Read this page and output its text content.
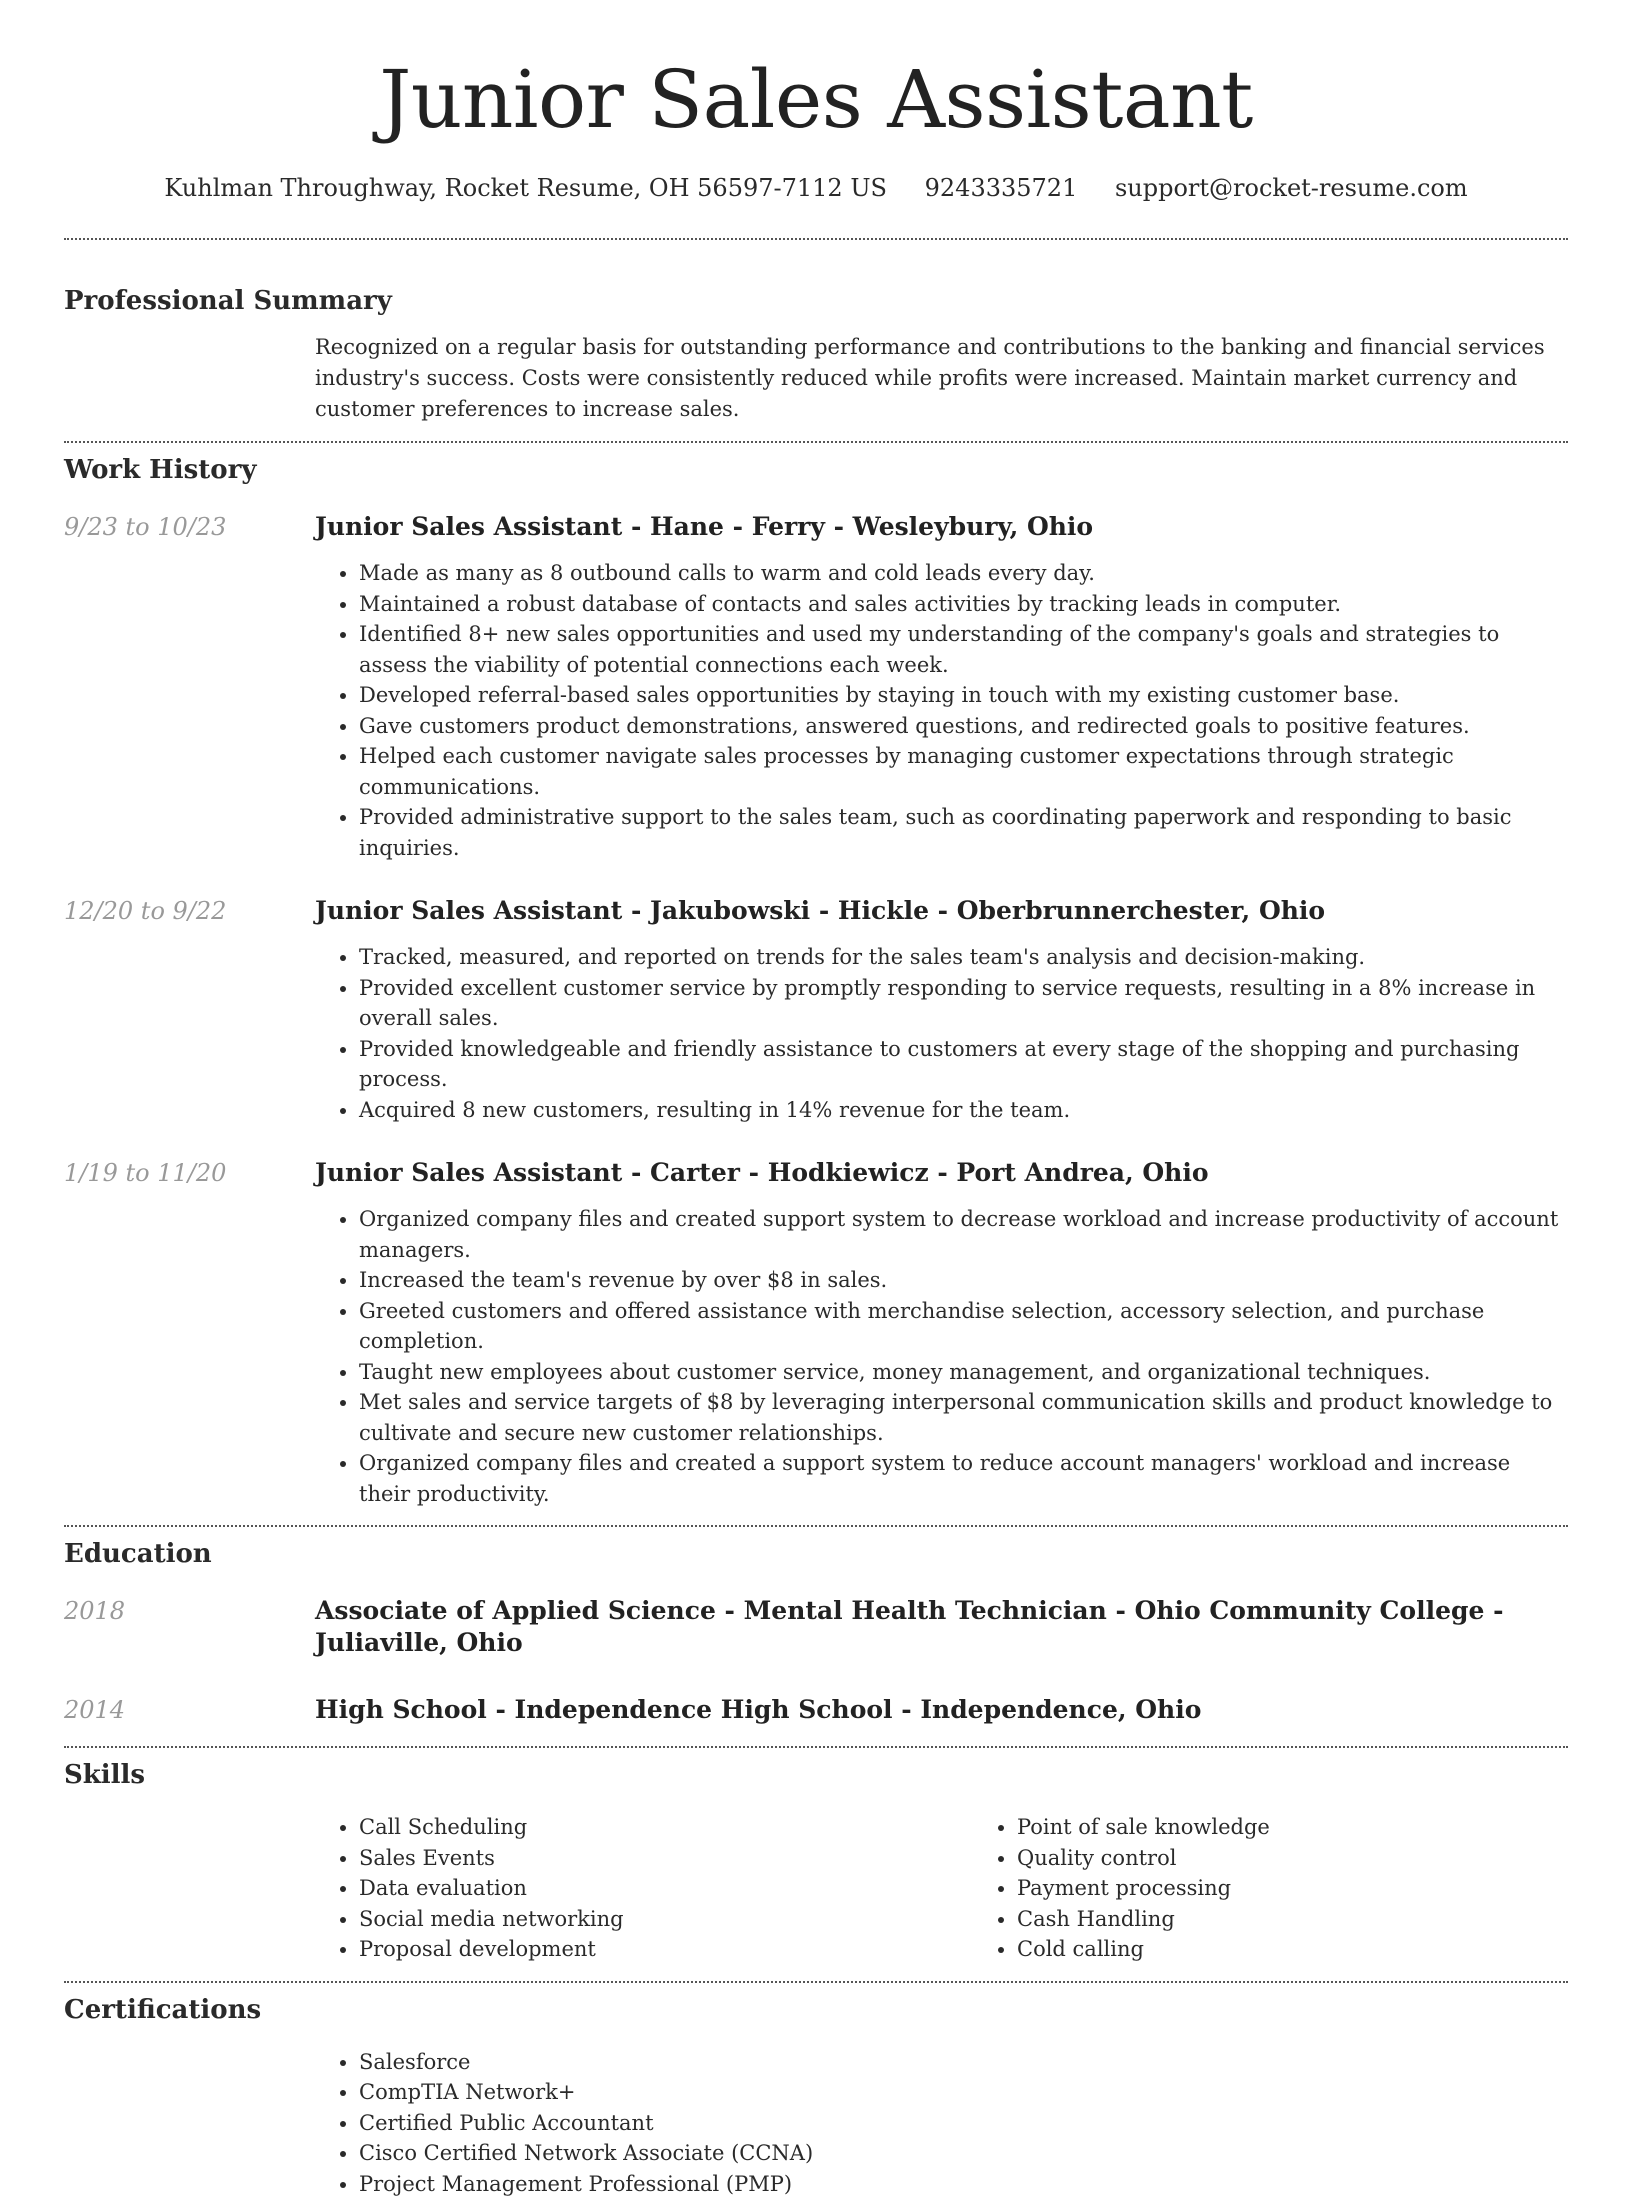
Junior Sales Assistant
Kuhlman Throughway, Rocket Resume, OH 56597-7112 US 9243335721 support@rocket-resume.com
Professional Summary

Recognized on a regular basis for outstanding performance and contributions to the banking and financial services industry's success. Costs were consistently reduced while profits were increased. Maintain market currency and customer preferences to increase sales.

Work History
9/23 to 10/23	Junior Sales Assistant - Hane - Ferry - Wesleybury, Ohio
• Made as many as 8 outbound calls to warm and cold leads every day.
• Maintained a robust database of contacts and sales activities by tracking leads in computer.
• Identified 8+ new sales opportunities and used my understanding of the company's goals and strategies to assess the viability of potential connections each week.
• Developed referral-based sales opportunities by staying in touch with my existing customer base.
• Gave customers product demonstrations, answered questions, and redirected goals to positive features.
• Helped each customer navigate sales processes by managing customer expectations through strategic communications.
• Provided administrative support to the sales team, such as coordinating paperwork and responding to basic inquiries.
12/20 to 9/22	Junior Sales Assistant - Jakubowski - Hickle - Oberbrunnerchester, Ohio
• Tracked, measured, and reported on trends for the sales team's analysis and decision-making.
• Provided excellent customer service by promptly responding to service requests, resulting in a 8% increase in overall sales.
• Provided knowledgeable and friendly assistance to customers at every stage of the shopping and purchasing process.
• Acquired 8 new customers, resulting in 14% revenue for the team.
1/19 to 11/20	Junior Sales Assistant - Carter - Hodkiewicz - Port Andrea, Ohio
• Organized company files and created support system to decrease workload and increase productivity of account managers.
• Increased the team's revenue by over $8 in sales.
• Greeted customers and offered assistance with merchandise selection, accessory selection, and purchase completion.
• Taught new employees about customer service, money management, and organizational techniques.
• Met sales and service targets of $8 by leveraging interpersonal communication skills and product knowledge to cultivate and secure new customer relationships.
• Organized company files and created a support system to reduce account managers' workload and increase their productivity.
Education
2018	Associate of Applied Science - Mental Health Technician - Ohio Community College - Juliaville, Ohio
2014	High School - Independence High School - Independence, Ohio
Skills
• Call Scheduling
• Sales Events
• Data evaluation
• Social media networking
• Proposal development
• Point of sale knowledge
• Quality control
• Payment processing
• Cash Handling
• Cold calling
Certifications
• Salesforce
• CompTIA Network+
• Certified Public Accountant
• Cisco Certified Network Associate (CCNA)
• Project Management Professional (PMP)
